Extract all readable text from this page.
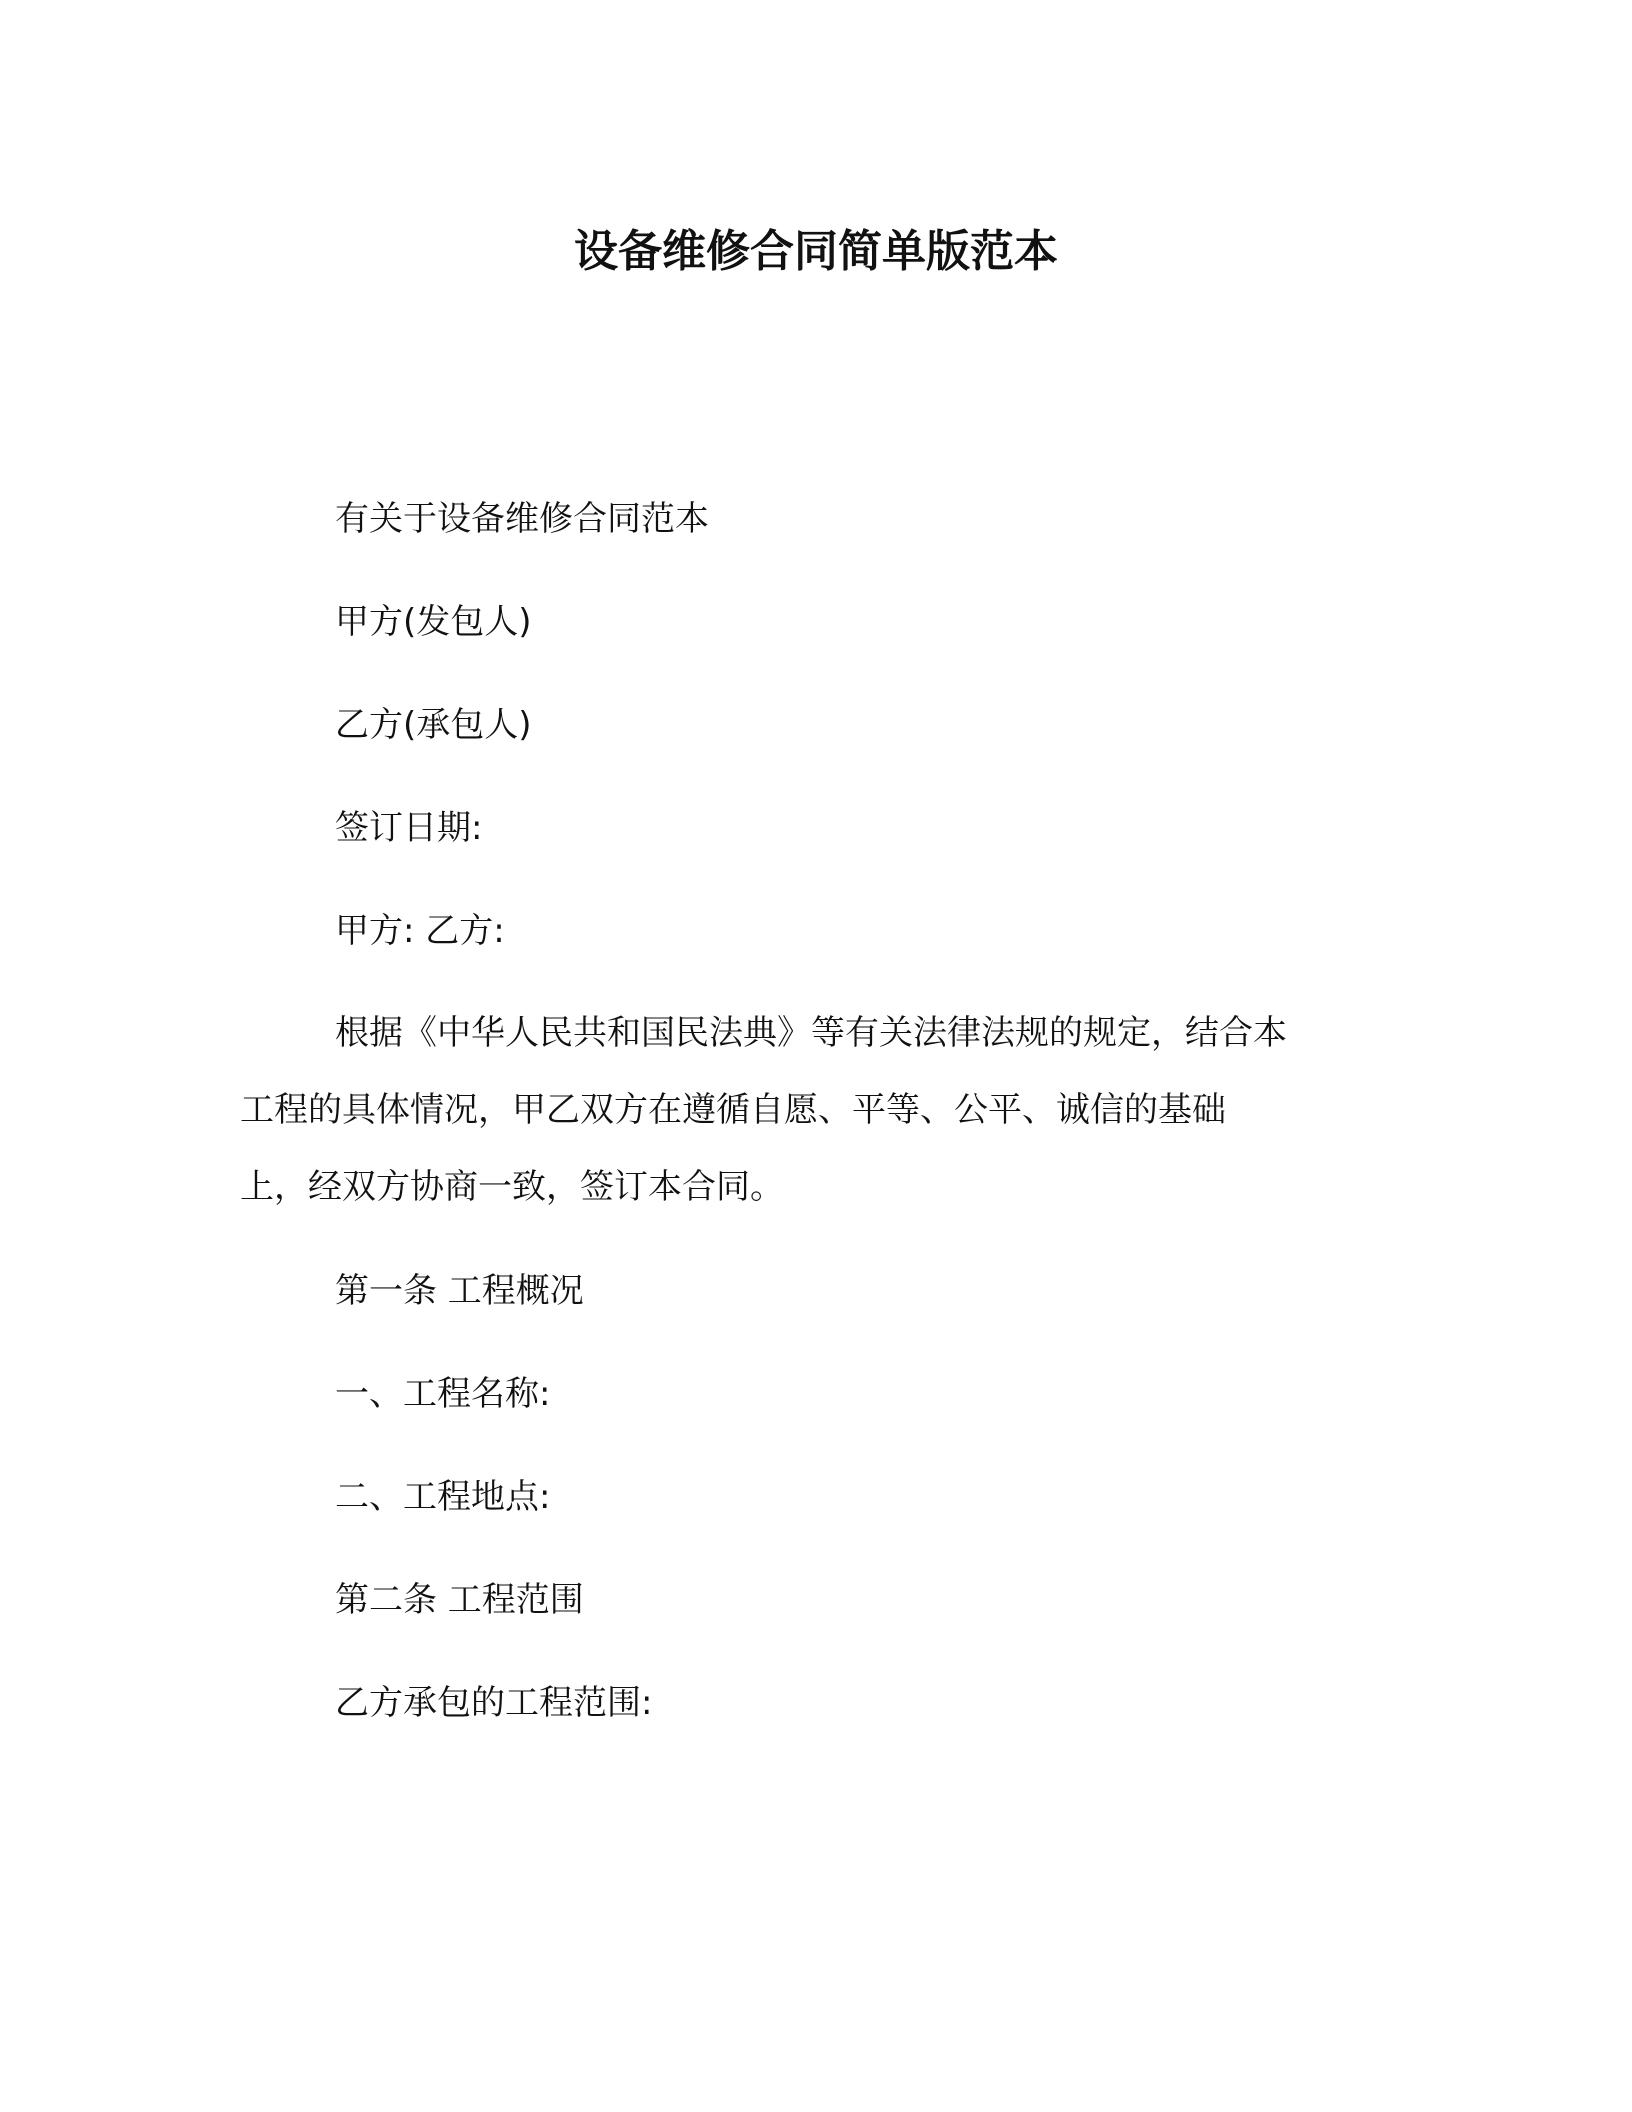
设备维修合同简单版范本

有关于设备维修合同范本

甲方(发包人)

乙方(承包人)

签订日期:

甲方: 乙方:

根据《中华人民共和国民法典》等有关法律法规的规定，结合本
工程的具体情况，甲乙双方在遵循自愿、平等、公平、诚信的基础
上，经双方协商一致，签订本合同。

第一条 工程概况

一、工程名称:

二、工程地点:

第二条 工程范围

乙方承包的工程范围:
